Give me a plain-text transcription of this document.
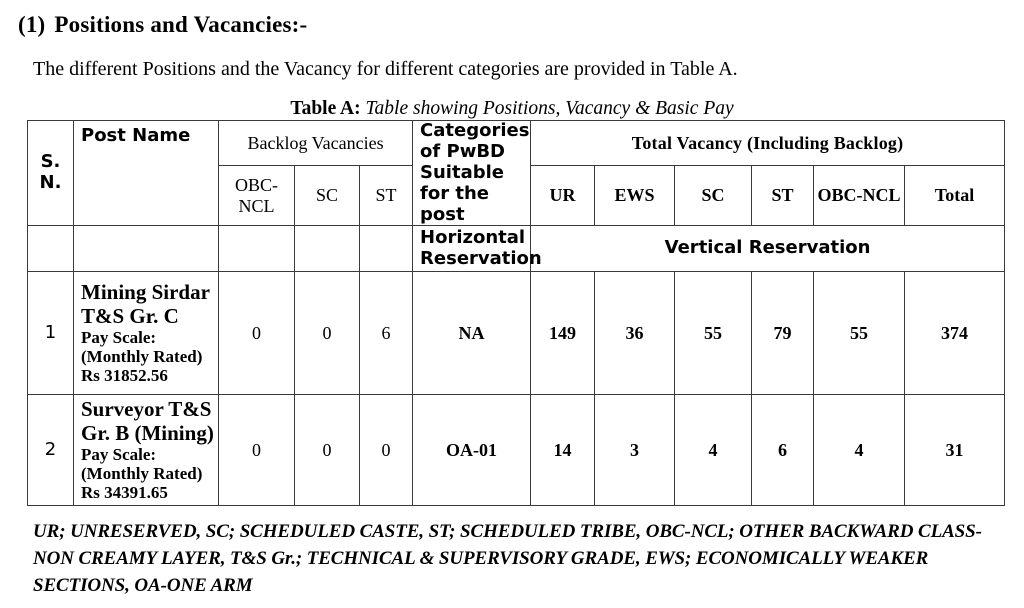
(1) Positions and Vacancies:-
The different Positions and the Vacancy for different categories are provided in Table A.
Table A: Table showing Positions, Vacancy & Basic Pay
S. N.	Post Name	Backlog Vacancies			Categories of PwBD Suitable for the post	Total Vacancy (Including Backlog)					
		OBC-NCL	SC	ST		UR	EWS	SC	ST	OBC-NCL	Total
					Horizontal Reservation	Vertical Reservation					
1	Mining Sirdar
T&S Gr. C
Pay Scale:
(Monthly Rated)
Rs 31852.56	0	0	6	NA	149	36	55	79	55	374
2	Surveyor T&S
Gr. B (Mining)
Pay Scale:
(Monthly Rated)
Rs 34391.65	0	0	0	OA-01	14	3	4	6	4	31
UR; UNRESERVED, SC; SCHEDULED CASTE, ST; SCHEDULED TRIBE, OBC-NCL; OTHER BACKWARD CLASS-NON CREAMY LAYER, T&S Gr.; TECHNICAL & SUPERVISORY GRADE, EWS; ECONOMICALLY WEAKER SECTIONS, OA-ONE ARM
